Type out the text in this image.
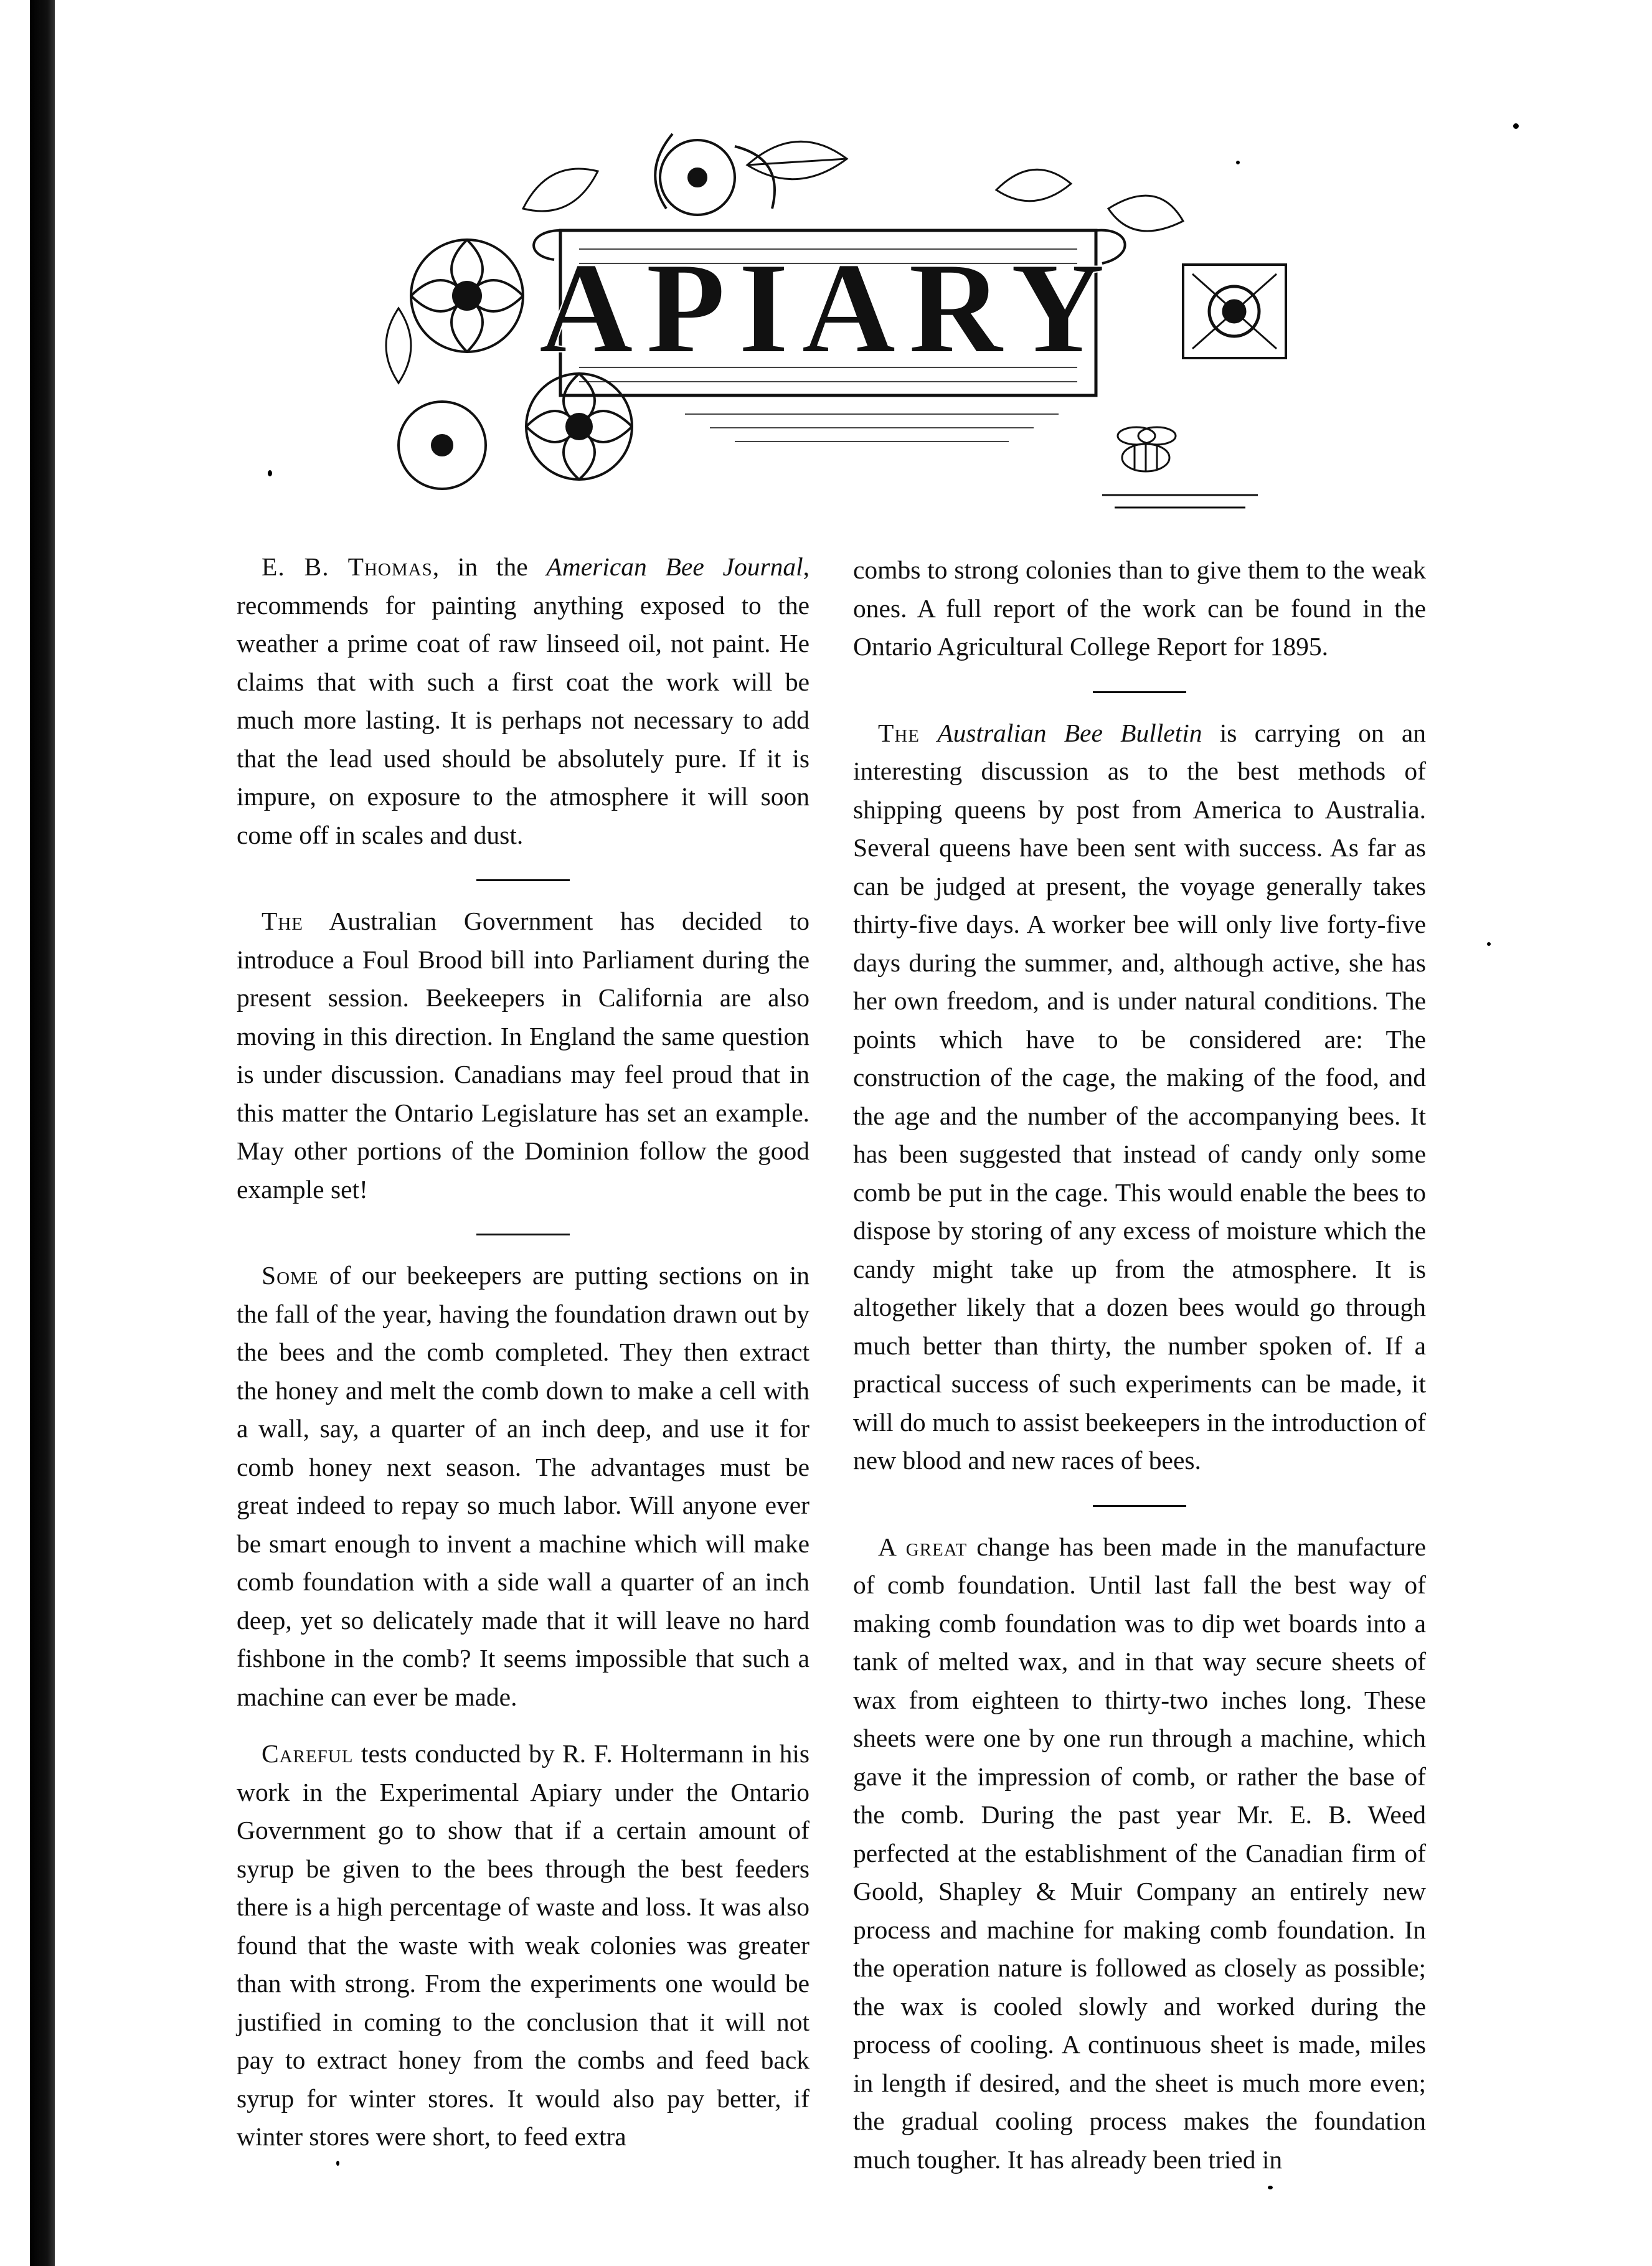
APIARY

E. B. Thomas, in the American Bee Journal, recommends for painting anything exposed to the weather a prime coat of raw linseed oil, not paint. He claims that with such a first coat the work will be much more lasting. It is perhaps not necessary to add that the lead used should be absolutely pure. If it is impure, on exposure to the atmosphere it will soon come off in scales and dust.

The Australian Government has decided to introduce a Foul Brood bill into Parliament during the present session. Beekeepers in California are also moving in this direction. In England the same question is under discussion. Canadians may feel proud that in this matter the Ontario Legislature has set an example. May other portions of the Dominion follow the good example set!

Some of our beekeepers are putting sections on in the fall of the year, having the foundation drawn out by the bees and the comb completed. They then extract the honey and melt the comb down to make a cell with a wall, say, a quarter of an inch deep, and use it for comb honey next season. The advantages must be great indeed to repay so much labor. Will anyone ever be smart enough to invent a machine which will make comb foundation with a side wall a quarter of an inch deep, yet so delicately made that it will leave no hard fishbone in the comb? It seems impossible that such a machine can ever be made.

Careful tests conducted by R. F. Holtermann in his work in the Experimental Apiary under the Ontario Government go to show that if a certain amount of syrup be given to the bees through the best feeders there is a high percentage of waste and loss. It was also found that the waste with weak colonies was greater than with strong. From the experiments one would be justified in coming to the conclusion that it will not pay to extract honey from the combs and feed back syrup for winter stores. It would also pay better, if winter stores were short, to feed extra

combs to strong colonies than to give them to the weak ones. A full report of the work can be found in the Ontario Agricultural College Report for 1895.

The Australian Bee Bulletin is carrying on an interesting discussion as to the best methods of shipping queens by post from America to Australia. Several queens have been sent with success. As far as can be judged at present, the voyage generally takes thirty-five days. A worker bee will only live forty-five days during the summer, and, although active, she has her own freedom, and is under natural conditions. The points which have to be considered are: The construction of the cage, the making of the food, and the age and the number of the accompanying bees. It has been suggested that instead of candy only some comb be put in the cage. This would enable the bees to dispose by storing of any excess of moisture which the candy might take up from the atmosphere. It is altogether likely that a dozen bees would go through much better than thirty, the number spoken of. If a practical success of such experiments can be made, it will do much to assist beekeepers in the introduction of new blood and new races of bees.

A great change has been made in the manufacture of comb foundation. Until last fall the best way of making comb foundation was to dip wet boards into a tank of melted wax, and in that way secure sheets of wax from eighteen to thirty-two inches long. These sheets were one by one run through a machine, which gave it the impression of comb, or rather the base of the comb. During the past year Mr. E. B. Weed perfected at the establishment of the Canadian firm of Goold, Shapley & Muir Company an entirely new process and machine for making comb foundation. In the operation nature is followed as closely as possible; the wax is cooled slowly and worked during the process of cooling. A continuous sheet is made, miles in length if desired, and the sheet is much more even; the gradual cooling process makes the foundation much tougher. It has already been tried in
